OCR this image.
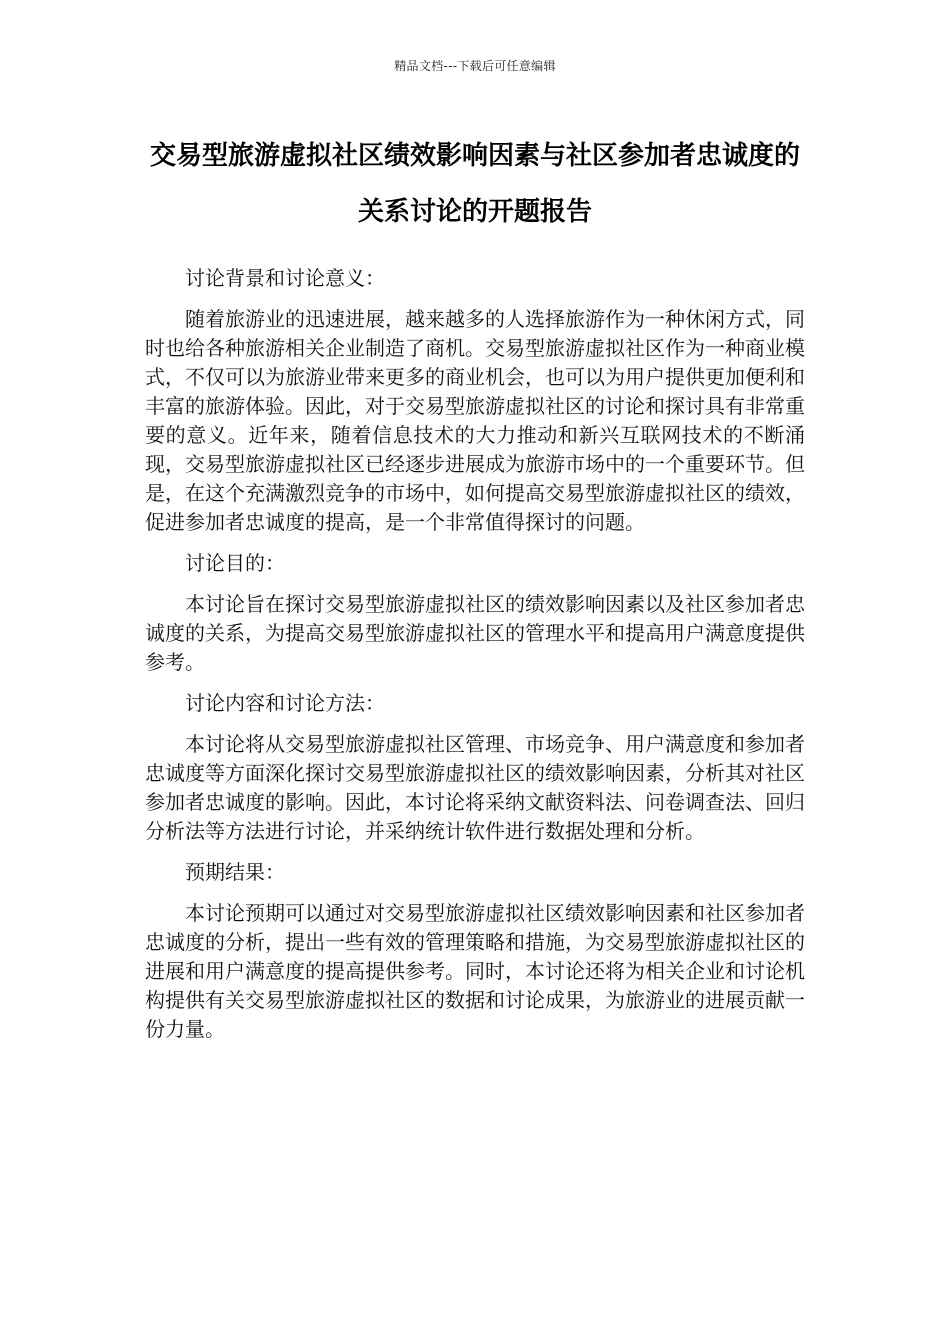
精品文档---下载后可任意编辑
交易型旅游虚拟社区绩效影响因素与社区参加者忠诚度的关系讨论的开题报告

讨论背景和讨论意义：

随着旅游业的迅速进展，越来越多的人选择旅游作为一种休闲方式，同时也给各种旅游相关企业制造了商机。交易型旅游虚拟社区作为一种商业模式，不仅可以为旅游业带来更多的商业机会，也可以为用户提供更加便利和丰富的旅游体验。因此，对于交易型旅游虚拟社区的讨论和探讨具有非常重要的意义。近年来，随着信息技术的大力推动和新兴互联网技术的不断涌现，交易型旅游虚拟社区已经逐步进展成为旅游市场中的一个重要环节。但是，在这个充满激烈竞争的市场中，如何提高交易型旅游虚拟社区的绩效，促进参加者忠诚度的提高，是一个非常值得探讨的问题。

讨论目的：

本讨论旨在探讨交易型旅游虚拟社区的绩效影响因素以及社区参加者忠诚度的关系，为提高交易型旅游虚拟社区的管理水平和提高用户满意度提供参考。

讨论内容和讨论方法：

本讨论将从交易型旅游虚拟社区管理、市场竞争、用户满意度和参加者忠诚度等方面深化探讨交易型旅游虚拟社区的绩效影响因素，分析其对社区参加者忠诚度的影响。因此，本讨论将采纳文献资料法、问卷调查法、回归分析法等方法进行讨论，并采纳统计软件进行数据处理和分析。

预期结果：

本讨论预期可以通过对交易型旅游虚拟社区绩效影响因素和社区参加者忠诚度的分析，提出一些有效的管理策略和措施，为交易型旅游虚拟社区的进展和用户满意度的提高提供参考。同时，本讨论还将为相关企业和讨论机构提供有关交易型旅游虚拟社区的数据和讨论成果，为旅游业的进展贡献一份力量。
